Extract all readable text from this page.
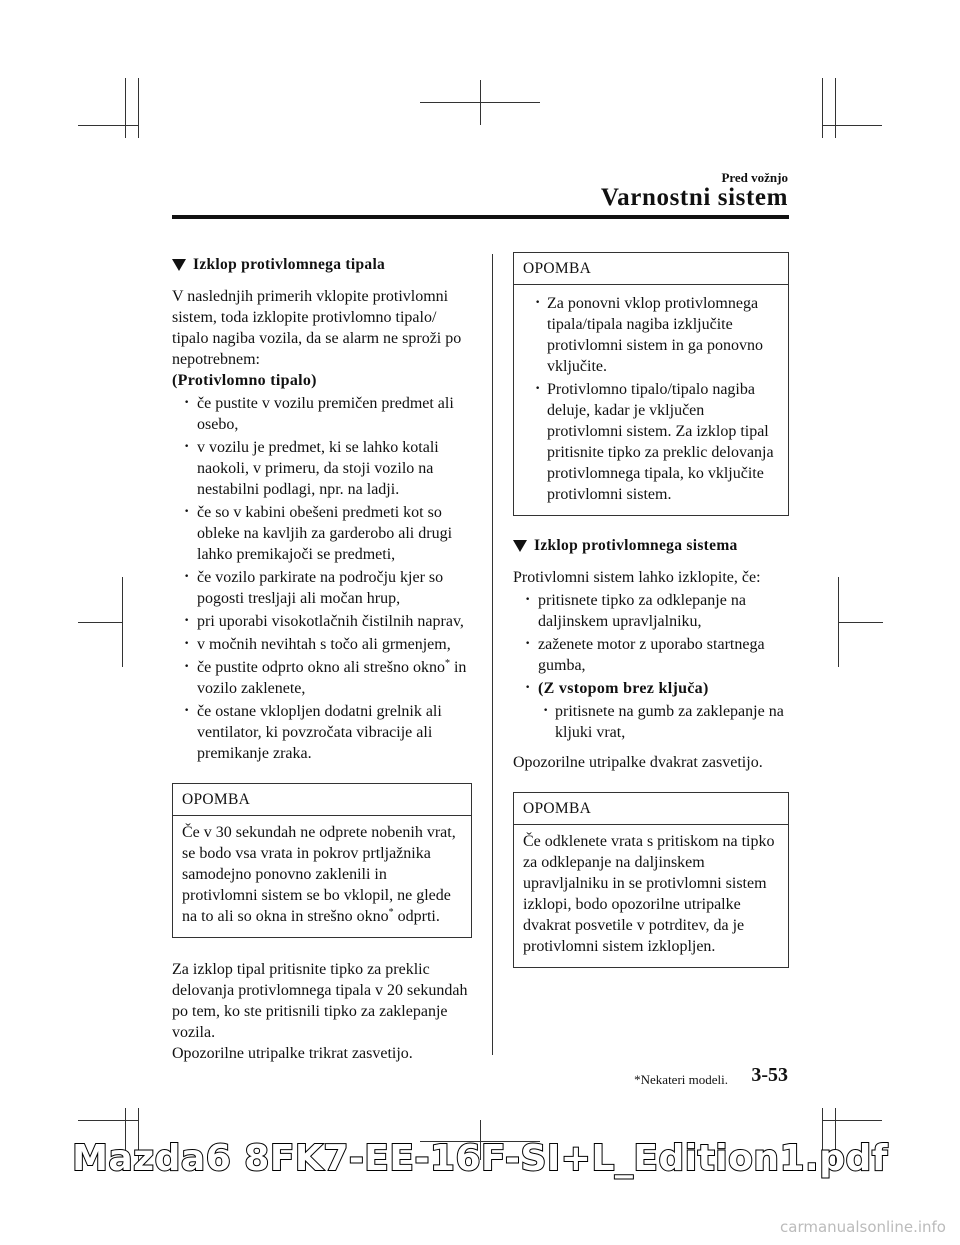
Pred vožnjo
Varnostni sistem
Izklop protivlomnega tipala

V naslednjih primerih vklopite protivlomni sistem, toda izklopite protivlomno tipalo/ tipalo nagiba vozila, da se alarm ne sproži po nepotrebnem:

(Protivlomno tipalo)

· če pustite v vozilu premičen predmet ali osebo,
· v vozilu je predmet, ki se lahko kotali naokoli, v primeru, da stoji vozilo na nestabilni podlagi, npr. na ladji.
· če so v kabini obešeni predmeti kot so obleke na kavljih za garderobo ali drugi lahko premikajoči se predmeti,
· če vozilo parkirate na področju kjer so pogosti tresljaji ali močan hrup,
· pri uporabi visokotlačnih čistilnih naprav,
· v močnih nevihtah s točo ali grmenjem,
· če pustite odprto okno ali strešno okno* in vozilo zaklenete,
· če ostane vklopljen dodatni grelnik ali ventilator, ki povzročata vibracije ali premikanje zraka.
OPOMBA
Če v 30 sekundah ne odprete nobenih vrat, se bodo vsa vrata in pokrov prtljažnika samodejno ponovno zaklenili in protivlomni sistem se bo vklopil, ne glede na to ali so okna in strešno okno* odprti.

Za izklop tipal pritisnite tipko za preklic delovanja protivlomnega tipala v 20 sekundah po tem, ko ste pritisnili tipko za zaklepanje vozila.

Opozorilne utripalke trikrat zasvetijo.

OPOMBA
· Za ponovni vklop protivlomnega tipala/tipala nagiba izključite protivlomni sistem in ga ponovno vključite.
· Protivlomno tipalo/tipalo nagiba deluje, kadar je vključen protivlomni sistem. Za izklop tipal pritisnite tipko za preklic delovanja protivlomnega tipala, ko vključite protivlomni sistem.
Izklop protivlomnega sistema

Protivlomni sistem lahko izklopite, če:

· pritisnete tipko za odklepanje na daljinskem upravljalniku,
· zaženete motor z uporabo startnega gumba,
· (Z vstopom brez ključa)
· pritisnete na gumb za zaklepanje na kljuki vrat,

Opozorilne utripalke dvakrat zasvetijo.

OPOMBA
Če odklenete vrata s pritiskom na tipko za odklepanje na daljinskem upravljalniku in se protivlomni sistem izklopi, bodo opozorilne utripalke dvakrat posvetile v potrditev, da je protivlomni sistem izklopljen.
*Nekateri modeli. 3-53
Mazda6 8FK7-EE-16F-SI+L_Edition1.pdf
carmanualsonline.info
